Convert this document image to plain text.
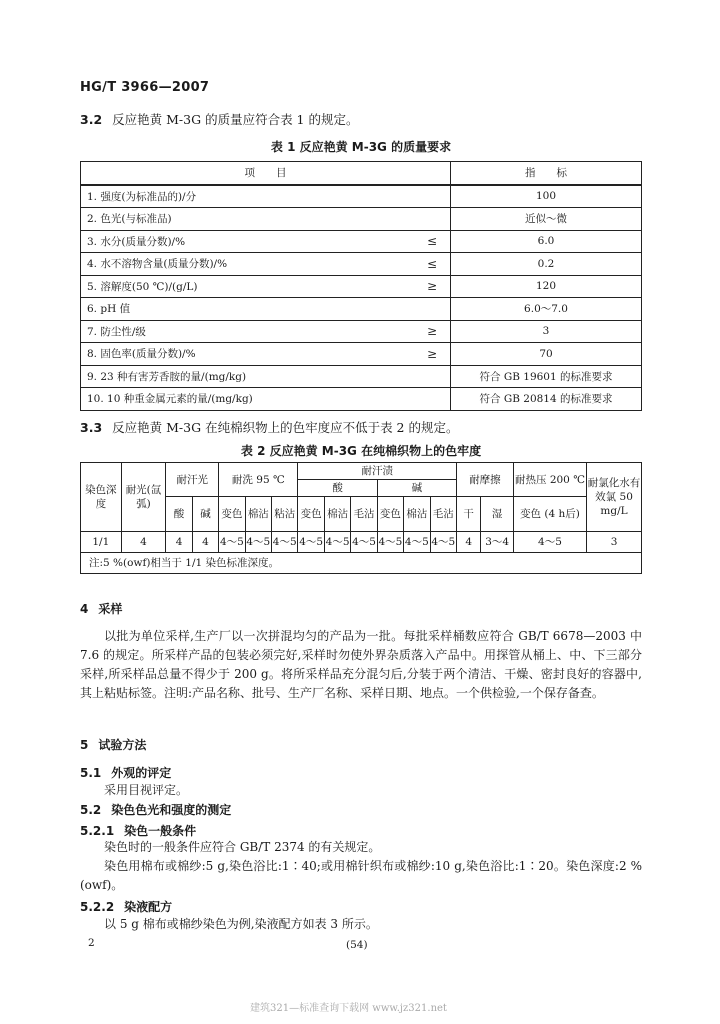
HG/T 3966—2007
3.2 反应艳黄 M-3G 的质量应符合表 1 的规定。
表 1 反应艳黄 M-3G 的质量要求
项　　目		指　　标
1. 强度(为标准品的)/分		100
2. 色光(与标准品)		近似～微
3. 水分(质量分数)/%	≤	6.0
4. 水不溶物含量(质量分数)/%	≤	0.2
5. 溶解度(50 ℃)/(g/L)	≥	120
6. pH 值		6.0～7.0
7. 防尘性/级	≥	3
8. 固色率(质量分数)/%	≥	70
9. 23 种有害芳香胺的量/(mg/kg)		符合 GB 19601 的标准要求
10. 10 种重金属元素的量/(mg/kg)		符合 GB 20814 的标准要求
3.3 反应艳黄 M-3G 在纯棉织物上的色牢度应不低于表 2 的规定。
表 2 反应艳黄 M-3G 在纯棉织物上的色牢度
染色深度	耐光(氙弧)	耐汗光		耐洗 95 ℃			耐汗渍						耐摩擦		耐热压 200 ℃	耐氯化水有效氯 50 mg/L
							酸			碱						
		酸	碱	变色	棉沾	粘沾	变色	棉沾	毛沾	变色	棉沾	毛沾	干	湿	变色 (4 h后)	
1/1	4	4	4	4～5	4～5	4～5	4～5	4～5	4～5	4～5	4～5	4～5	4	3～4	4～5	3
注:5 %(owf)相当于 1/1 染色标准深度。																
4 采样
以批为单位采样,生产厂以一次拼混均匀的产品为一批。每批采样桶数应符合 GB/T 6678—2003 中 7.6 的规定。所采样产品的包装必须完好,采样时勿使外界杂质落入产品中。用探管从桶上、中、下三部分采样,所采样品总量不得少于 200 g。将所采样品充分混匀后,分装于两个清洁、干燥、密封良好的容器中,其上粘贴标签。注明:产品名称、批号、生产厂名称、采样日期、地点。一个供检验,一个保存备查。
5 试验方法
5.1 外观的评定
采用目视评定。
5.2 染色色光和强度的测定
5.2.1 染色一般条件
染色时的一般条件应符合 GB/T 2374 的有关规定。
染色用棉布或棉纱:5 g,染色浴比:1∶40;或用棉针织布或棉纱:10 g,染色浴比:1∶20。染色深度:2 %(owf)。
5.2.2 染液配方
以 5 g 棉布或棉纱染色为例,染液配方如表 3 所示。
2	(54)
建筑321—标准查询下载网 www.jz321.net
